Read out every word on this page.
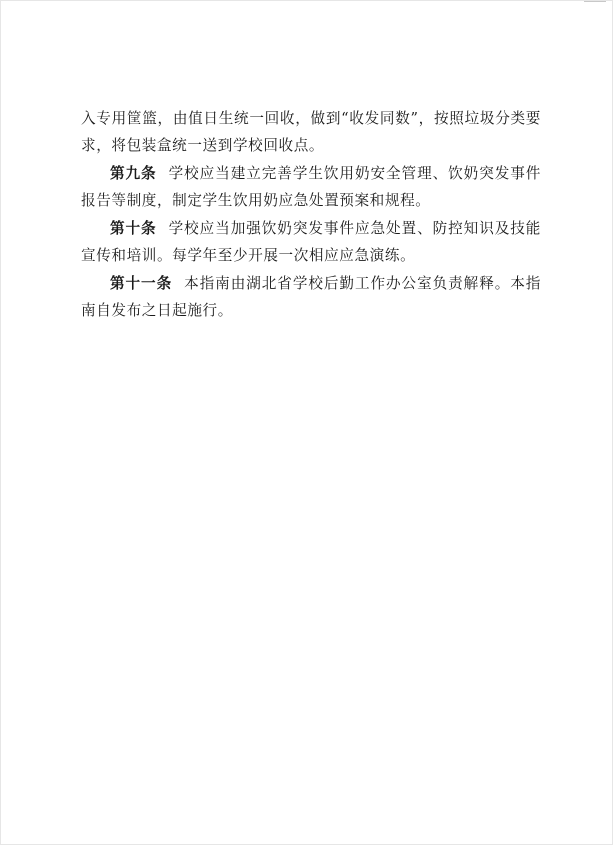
入专用筐篮，由值日生统一回收，做到“收发同数”，按照垃圾分类要求，将包装盒统一送到学校回收点。

第九条 学校应当建立完善学生饮用奶安全管理、饮奶突发事件报告等制度，制定学生饮用奶应急处置预案和规程。

第十条 学校应当加强饮奶突发事件应急处置、防控知识及技能宣传和培训。每学年至少开展一次相应应急演练。

第十一条 本指南由湖北省学校后勤工作办公室负责解释。本指南自发布之日起施行。
